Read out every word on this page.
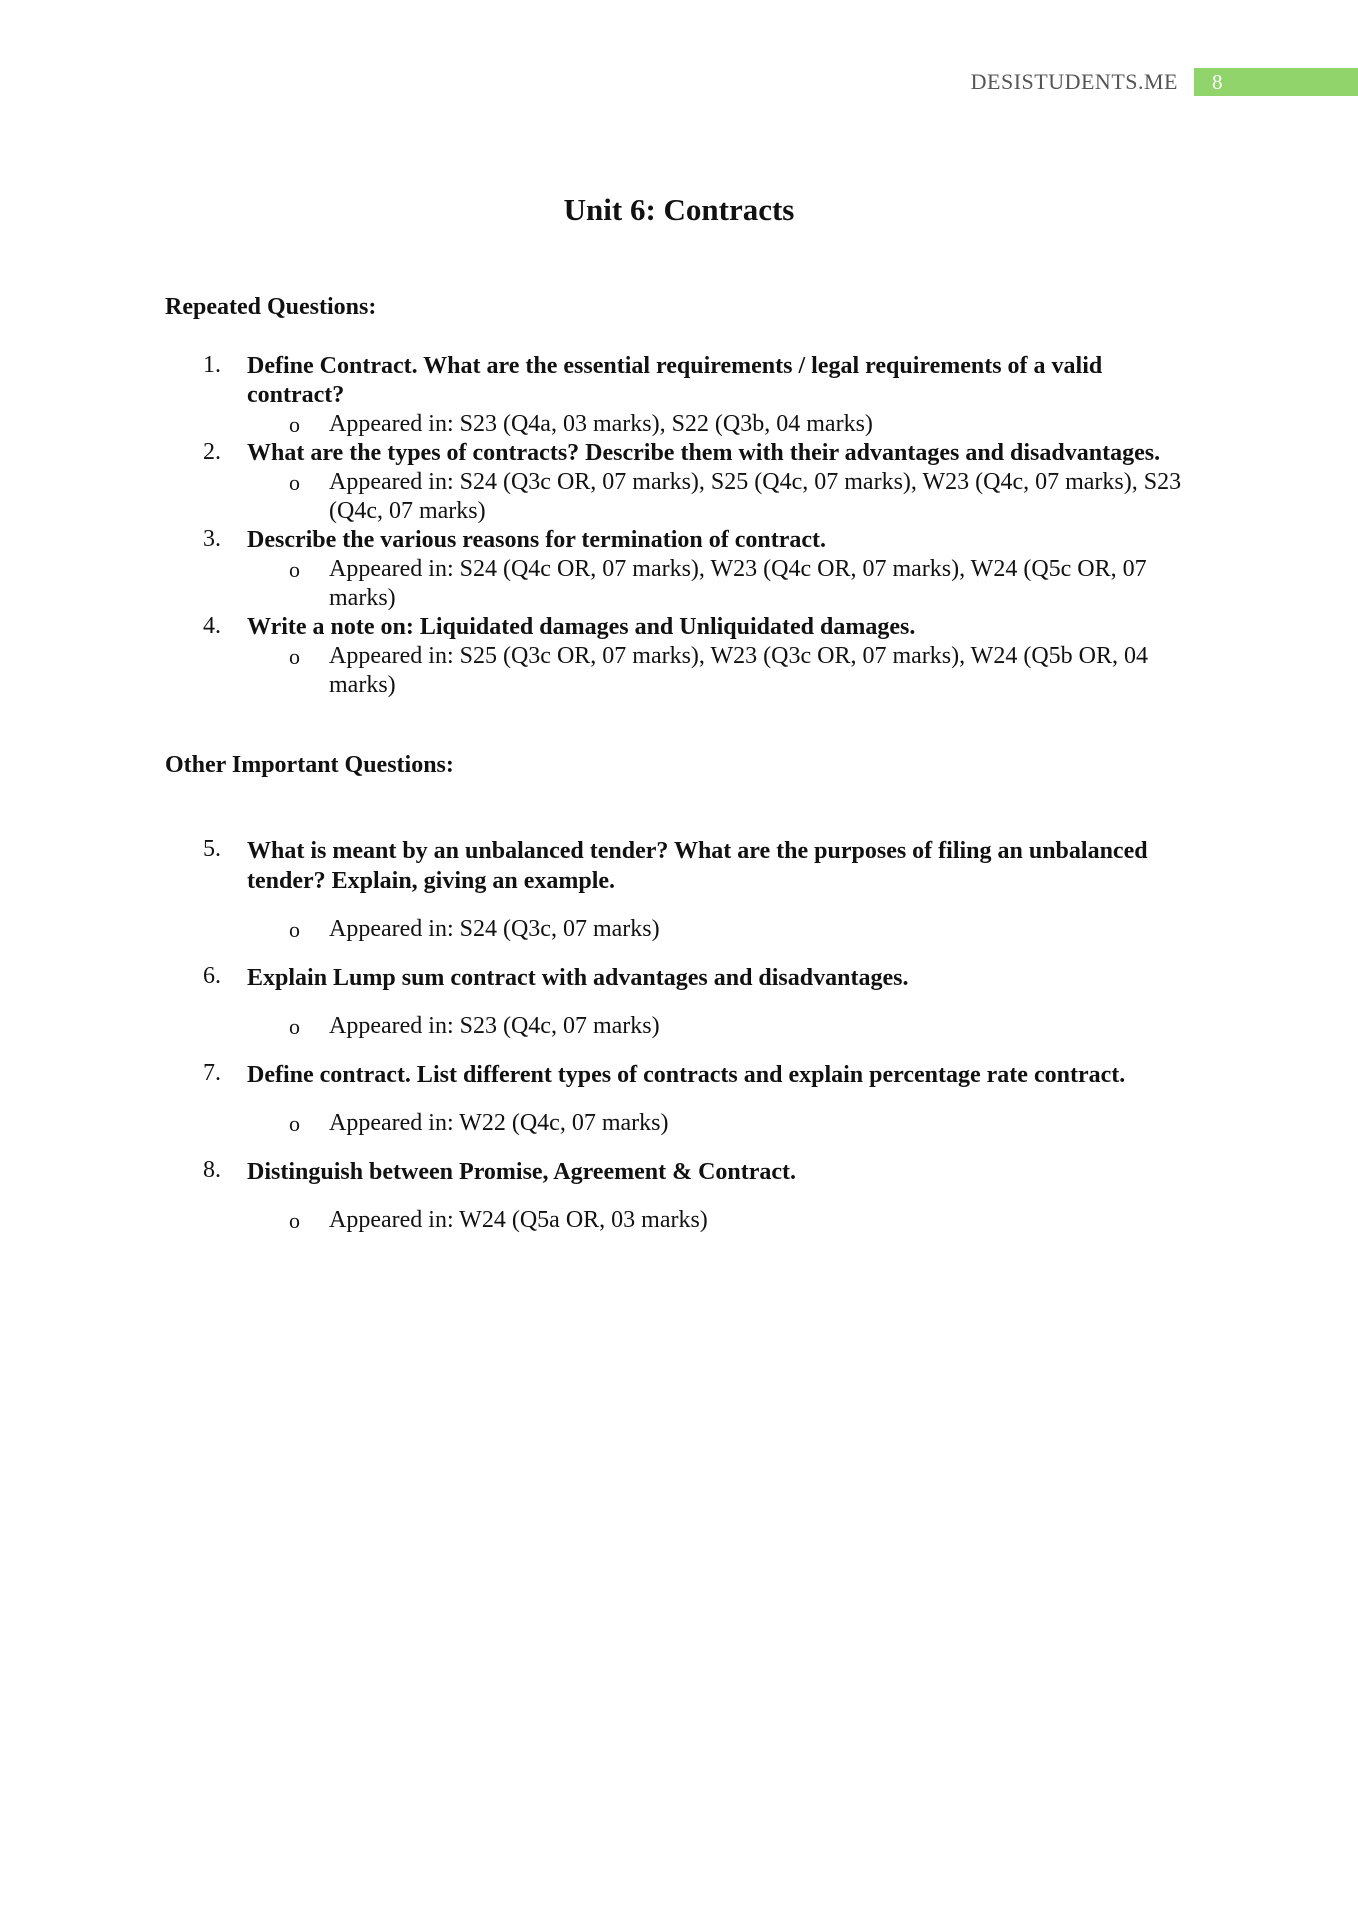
DESISTUDENTS.ME	8
Unit 6: Contracts
Repeated Questions:
1. Define Contract. What are the essential requirements / legal requirements of a valid contract?
o Appeared in: S23 (Q4a, 03 marks), S22 (Q3b, 04 marks)
2. What are the types of contracts? Describe them with their advantages and disadvantages.
o Appeared in: S24 (Q3c OR, 07 marks), S25 (Q4c, 07 marks), W23 (Q4c, 07 marks), S23 (Q4c, 07 marks)
3. Describe the various reasons for termination of contract.
o Appeared in: S24 (Q4c OR, 07 marks), W23 (Q4c OR, 07 marks), W24 (Q5c OR, 07 marks)
4. Write a note on: Liquidated damages and Unliquidated damages.
o Appeared in: S25 (Q3c OR, 07 marks), W23 (Q3c OR, 07 marks), W24 (Q5b OR, 04 marks)
Other Important Questions:
5. What is meant by an unbalanced tender? What are the purposes of filing an unbalanced tender? Explain, giving an example.
o Appeared in: S24 (Q3c, 07 marks)
6. Explain Lump sum contract with advantages and disadvantages.
o Appeared in: S23 (Q4c, 07 marks)
7. Define contract. List different types of contracts and explain percentage rate contract.
o Appeared in: W22 (Q4c, 07 marks)
8. Distinguish between Promise, Agreement & Contract.
o Appeared in: W24 (Q5a OR, 03 marks)
